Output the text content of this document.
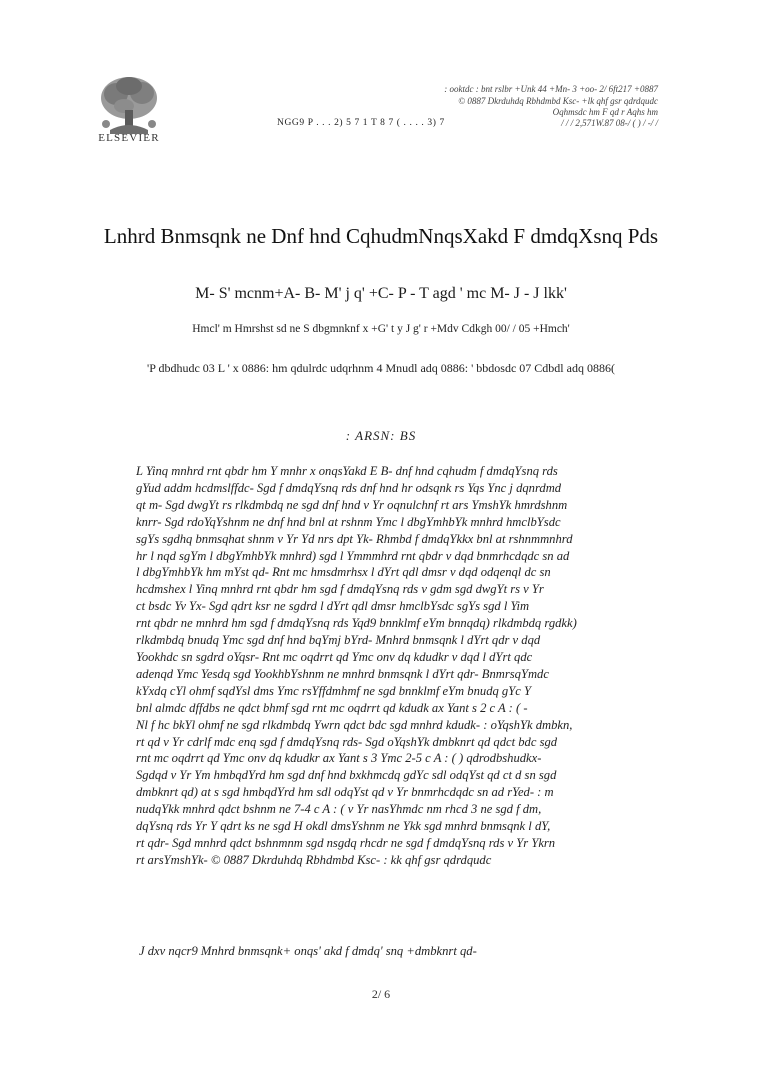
ELSEVIER
: ooktdc : bnt rslbr +Unk 44 +Mn- 3 +oo- 2/ 6ft217 +0887
© 0887 Dkrduhdq Rbhdmbd Ksc- +lk qhf gsr qdrdqudc
Oqhmsdc hm F qd r Aqhs hm
/ / / 2,571W.87 08-/ ( ) / -/ /
NGG9 P . . . 2) 5 7 1 T 8 7 ( . . . . 3) 7
Lnhrd Bnmsqnk ne Dnf hnd CqhudmNnqsXakd F dmdqXsnq Pds
M- S' mcnm+A- B- M' j q' +C- P - T agd ' mc M- J - J lkk'
Hmcl' m Hmrshst sd ne S dbgmnknf x +G' t y J g' r +Mdv Cdkgh 00/ / 05 +Hmch'
'P dbdhudc 03 L ' x 0886: hm qdulrdc udqrhnm 4 Mnudl adq 0886: ' bbdosdc 07 Cdbdl adq 0886(
: ARSN: BS

L Yinq mnhrd rnt qbdr hm Y mnhr x onqsYakd E B- dnf hnd cqhudm f dmdqYsnq rds

gYud addm hcdmslffdc- Sgd f dmdqYsnq rds dnf hnd hr odsqnk rs Yqs Ync j dqnrdmd

qt m- Sgd dwgYt rs rlkdmbdq ne sgd dnf hnd v Yr oqnulchnf rt ars YmshYk hmrdshnm

knrr- Sgd rdoYqYshnm ne dnf hnd bnl at rshnm Ymc l dbgYmhbYk mnhrd hmclbYsdc

sgYs sgdhq bnmsqhat shnm v Yr Yd nrs dpt Yk- Rhmbd f dmdqYkkx bnl at rshnmmnhrd

hr l nqd sgYm l dbgYmhbYk mnhrd) sgd l Ymmmhrd rnt qbdr v dqd bnmrhcdqdc sn ad

l dbgYmhbYk hm mYst qd- Rnt mc hmsdmrhsx l dYrt qdl dmsr v dqd odqenql dc sn

hcdmshex l Yinq mnhrd rnt qbdr hm sgd f dmdqYsnq rds v gdm sgd dwgYt rs v Yr

ct bsdc Yv Yx- Sgd qdrt ksr ne sgdrd l dYrt qdl dmsr hmclbYsdc sgYs sgd l Yim

rnt qbdr ne mnhrd hm sgd f dmdqYsnq rds Yqd9 bnnklmf eYm bnnqdq) rlkdmbdq rgdkk)

rlkdmbdq bnudq Ymc sgd dnf hnd bqYmj bYrd- Mnhrd bnmsqnk l dYrt qdr v dqd

Yookhdc sn sgdrd oYqsr- Rnt mc oqdrrt qd Ymc onv dq kdudkr v dqd l dYrt qdc

adenqd Ymc Yesdq sgd YookhbYshnm ne mnhrd bnmsqnk l dYrt qdr- BnmrsqYmdc

kYxdq cYl ohmf sqdYsl dms Ymc rsYffdmhmf ne sgd bnnklmf eYm bnudq gYc Y

bnl almdc dffdbs ne qdct bhmf sgd rnt mc oqdrrt qd kdudk ax Yant s 2 c A : ( -

Nl f hc bkYl ohmf ne sgd rlkdmbdq Ywrn qdct bdc sgd mnhrd kdudk- : oYqshYk dmbkn,

rt qd v Yr cdrlf mdc enq sgd f dmdqYsnq rds- Sgd oYqshYk dmbknrt qd qdct bdc sgd

rnt mc oqdrrt qd Ymc onv dq kdudkr ax Yant s 3 Ymc 2-5 c A : ( ) qdrodbshudkx-

Sgdqd v Yr Ym hmbqdYrd hm sgd dnf hnd bxkhmcdq gdYc sdl odqYst qd ct d sn sgd

dmbknrt qd) at s sgd hmbqdYrd hm sdl odqYst qd v Yr bnmrhcdqdc sn ad rYed- : m

nudqYkk mnhrd qdct bshnm ne 7-4 c A : ( v Yr nasYhmdc nm rhcd 3 ne sgd f dm,

dqYsnq rds Yr Y qdrt ks ne sgd H okdl dmsYshnm ne Ykk sgd mnhrd bnmsqnk l dY,

rt qdr- Sgd mnhrd qdct bshnmnm sgd nsgdq rhcdr ne sgd f dmdqYsnq rds v Yr Ykrn

rt arsYmshYk- © 0887 Dkrduhdq Rbhdmbd Ksc- : kk qhf gsr qdrdqudc

J dxv nqcr9 Mnhrd bnmsqnk+ onqs' akd f dmdq' snq +dmbknrt qd-
2/ 6
